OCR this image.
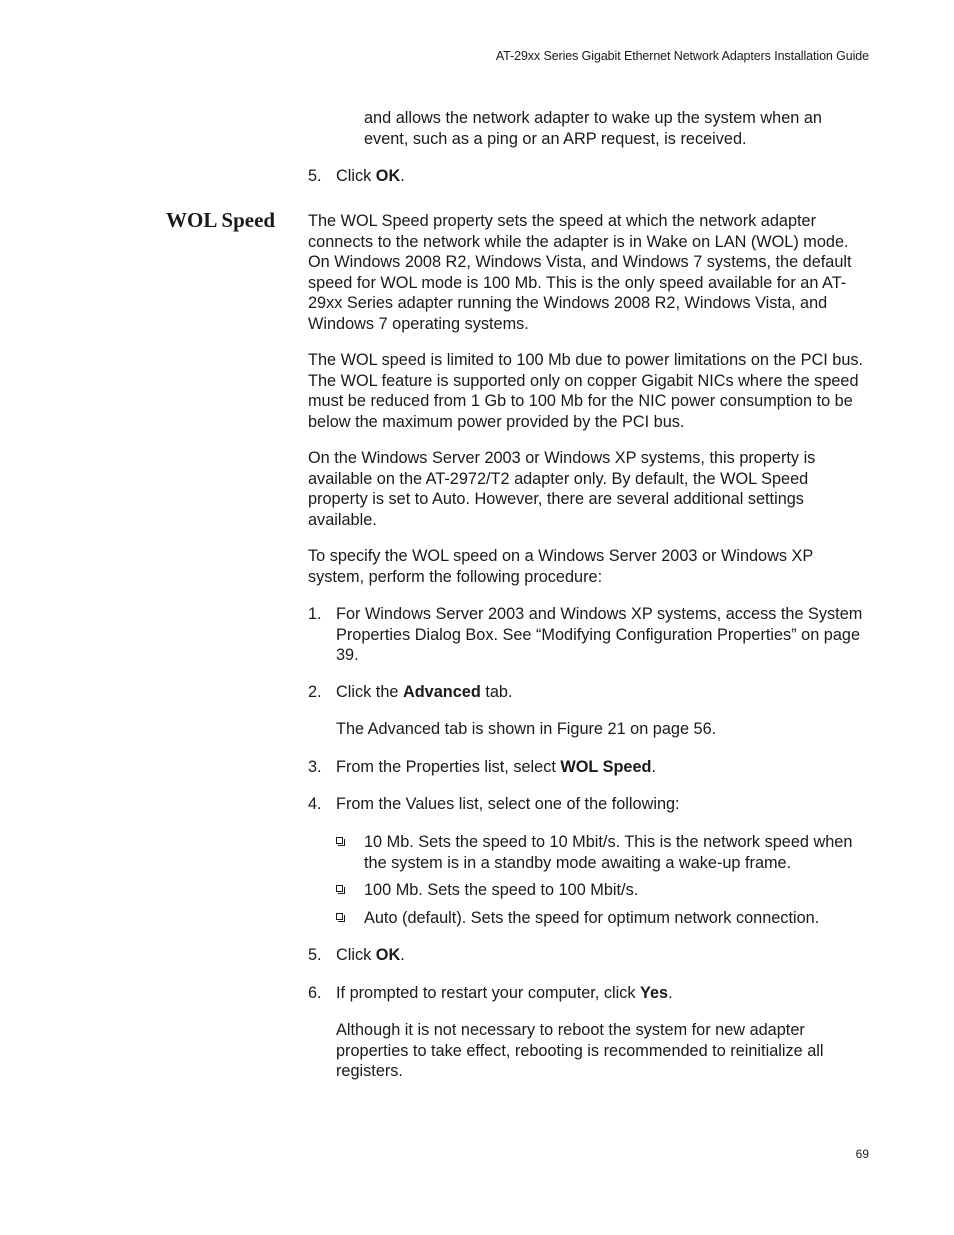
AT-29xx Series Gigabit Ethernet Network Adapters Installation Guide

and allows the network adapter to wake up the system when an event, such as a ping or an ARP request, is received.

5. Click OK.

WOL Speed The WOL Speed property sets the speed at which the network adapter connects to the network while the adapter is in Wake on LAN (WOL) mode. On Windows 2008 R2, Windows Vista, and Windows 7 systems, the default speed for WOL mode is 100 Mb. This is the only speed available for an AT-29xx Series adapter running the Windows 2008 R2, Windows Vista, and Windows 7 operating systems.

The WOL speed is limited to 100 Mb due to power limitations on the PCI bus. The WOL feature is supported only on copper Gigabit NICs where the speed must be reduced from 1 Gb to 100 Mb for the NIC power consumption to be below the maximum power provided by the PCI bus.

On the Windows Server 2003 or Windows XP systems, this property is available on the AT-2972/T2 adapter only. By default, the WOL Speed property is set to Auto. However, there are several additional settings available.

To specify the WOL speed on a Windows Server 2003 or Windows XP system, perform the following procedure:

1. For Windows Server 2003 and Windows XP systems, access the System Properties Dialog Box. See “Modifying Configuration Properties” on page 39.

2. Click the Advanced tab.

The Advanced tab is shown in Figure 21 on page 56.
3. From the Properties list, select WOL Speed.

4. From the Values list, select one of the following:

10 Mb. Sets the speed to 10 Mbit/s. This is the network speed when the system is in a standby mode awaiting a wake-up frame.

100 Mb. Sets the speed to 100 Mbit/s.

Auto (default). Sets the speed for optimum network connection.

5. Click OK.

6. If prompted to restart your computer, click Yes.

Although it is not necessary to reboot the system for new adapter properties to take effect, rebooting is recommended to reinitialize all registers.
69
